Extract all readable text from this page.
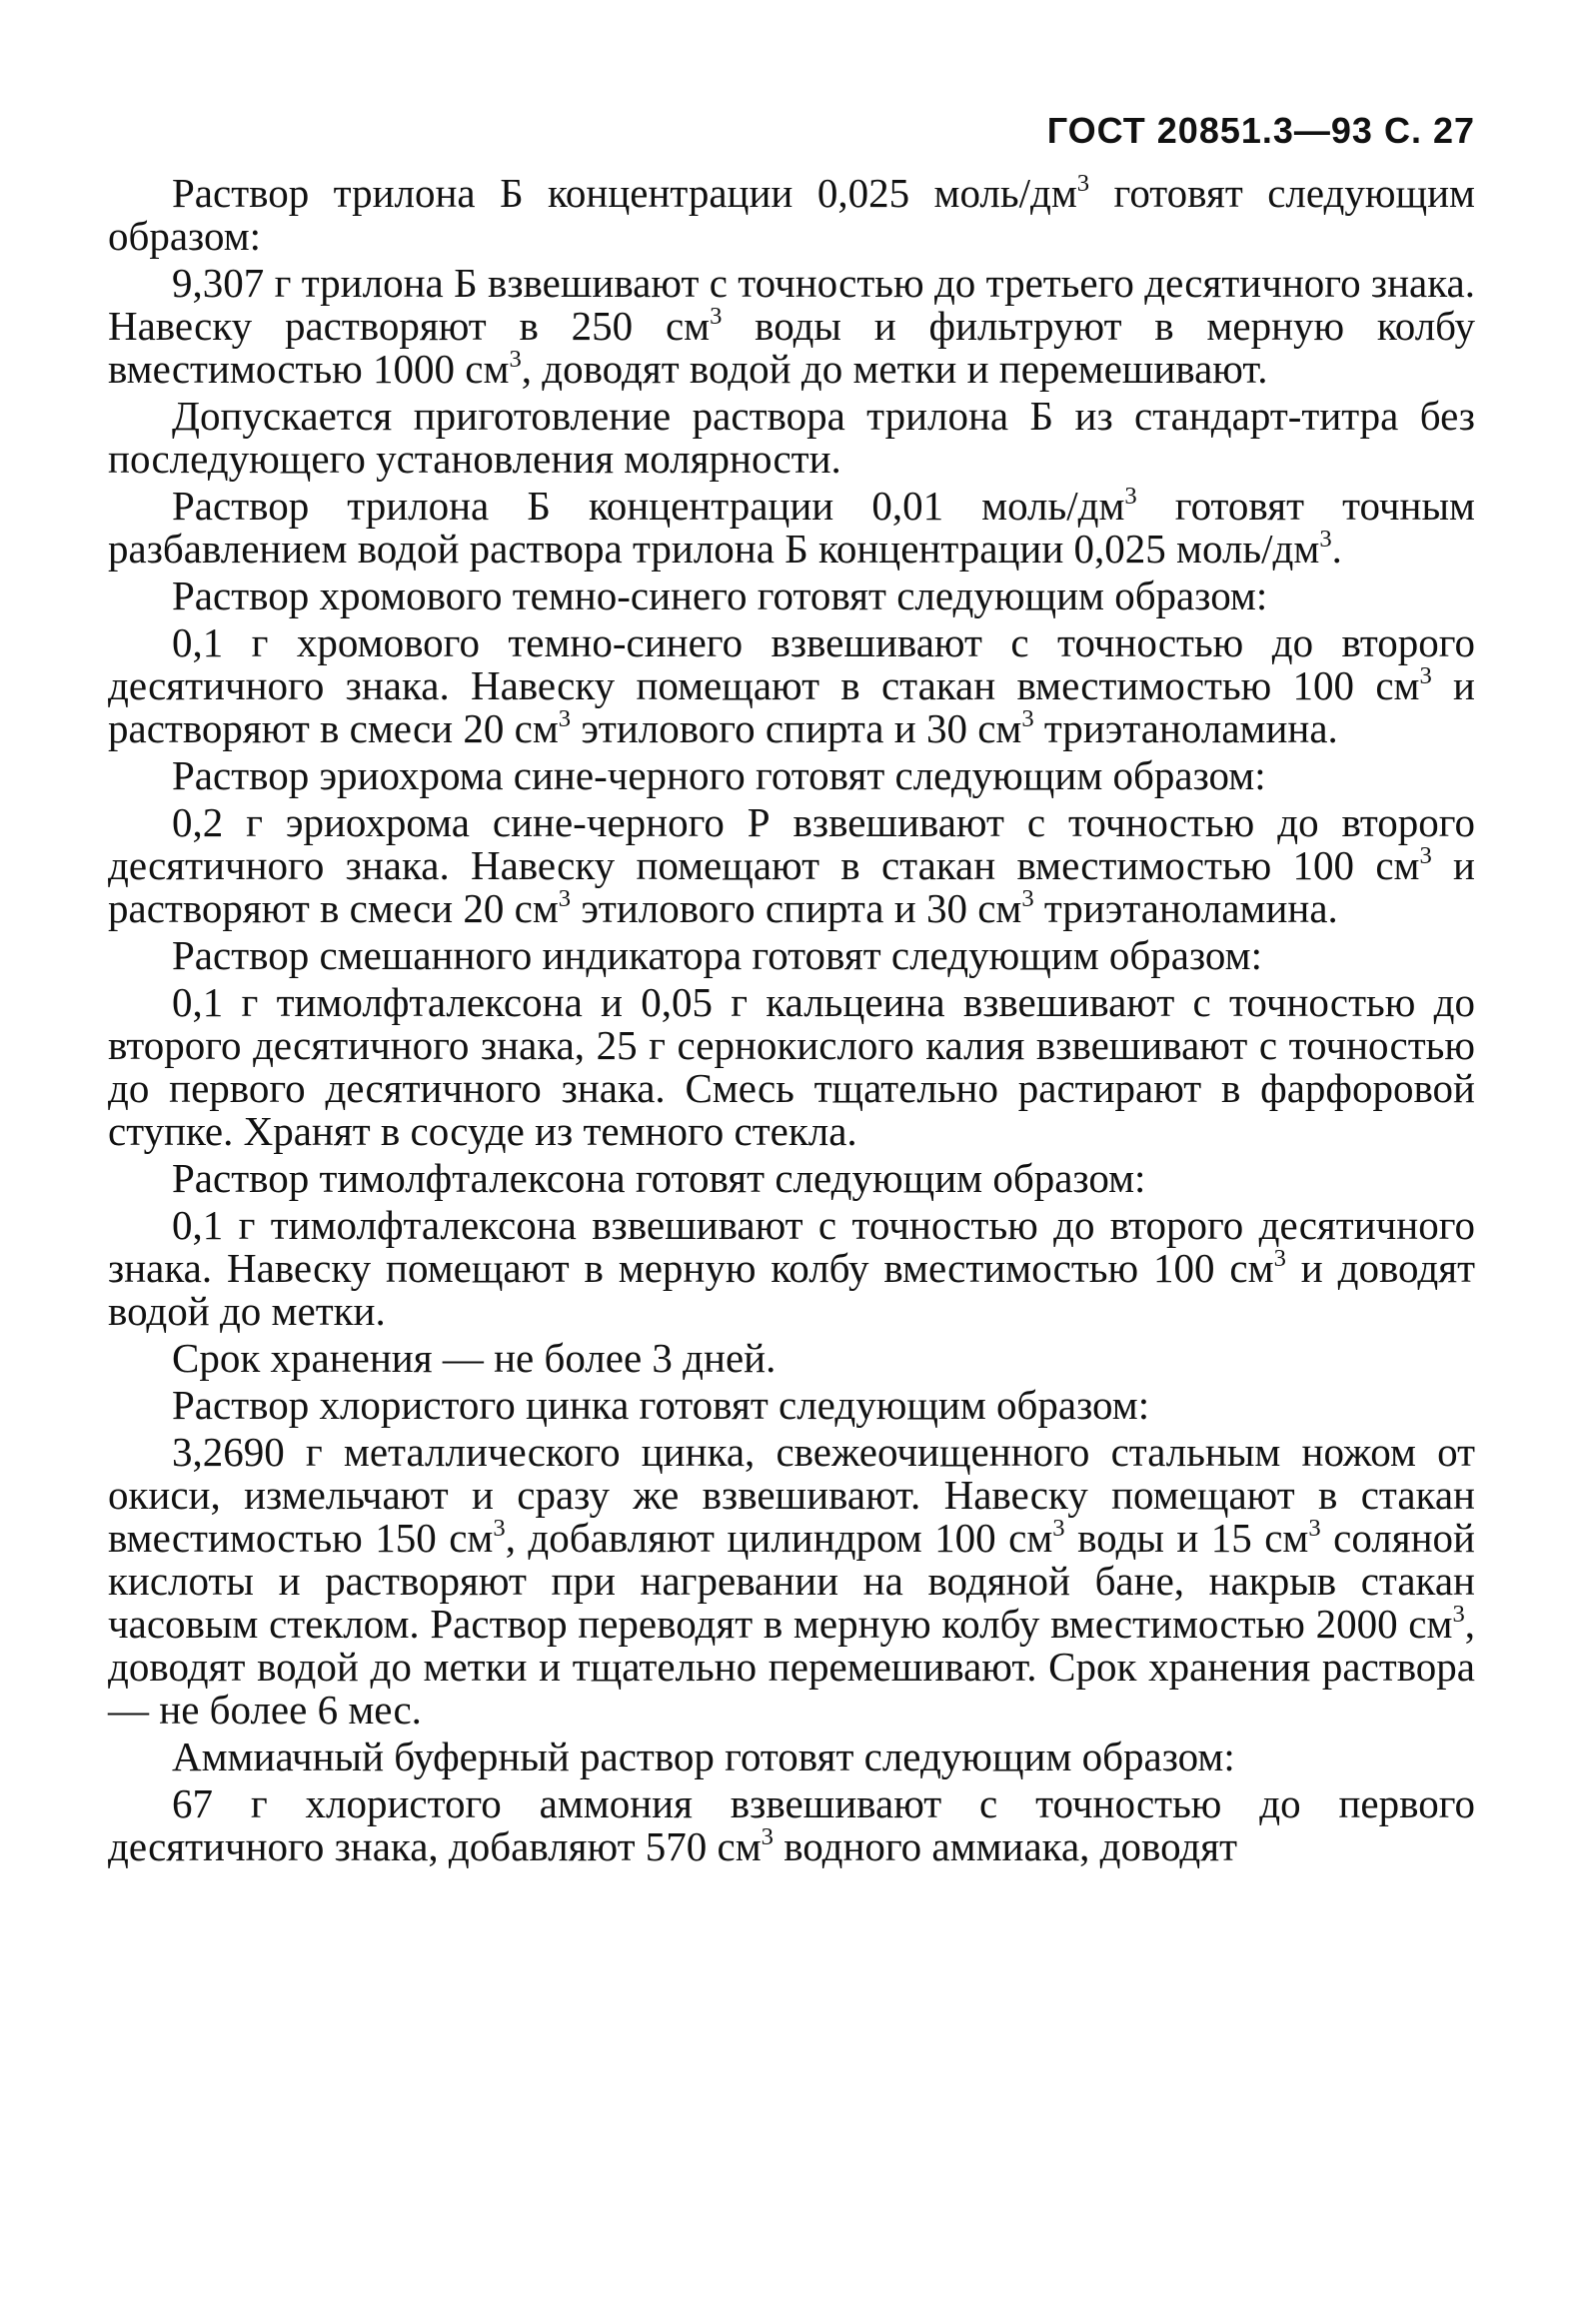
ГОСТ 20851.3—93 С. 27

Раствор трилона Б концентрации 0,025 моль/$дм^3$ готовят следующим образом:

9,307 г трилона Б взвешивают с точностью до третьего десятичного знака. Навеску растворяют в 250 $см^3$ воды и фильтруют в мерную колбу вместимостью 1000 $см^3$, доводят водой до метки и перемешивают.

Допускается приготовление раствора трилона Б из стандарт-титра без последующего установления молярности.

Раствор трилона Б концентрации 0,01 моль/$дм^3$ готовят точным разбавлением водой раствора трилона Б концентрации 0,025 моль/$дм^3$.

Раствор хромового темно-синего готовят следующим образом:

0,1 г хромового темно-синего взвешивают с точностью до второго десятичного знака. Навеску помещают в стакан вместимостью 100 $см^3$ и растворяют в смеси 20 $см^3$ этилового спирта и 30 $см^3$ триэтаноламина.

Раствор эриохрома сине-черного готовят следующим образом:

0,2 г эриохрома сине-черного Р взвешивают с точностью до второго десятичного знака. Навеску помещают в стакан вместимостью 100 $см^3$ и растворяют в смеси 20 $см^3$ этилового спирта и 30 $см^3$ триэтаноламина.

Раствор смешанного индикатора готовят следующим образом:

0,1 г тимолфталексона и 0,05 г кальцеина взвешивают с точностью до второго десятичного знака, 25 г сернокислого калия взвешивают с точностью до первого десятичного знака. Смесь тщательно растирают в фарфоровой ступке. Хранят в сосуде из темного стекла.

Раствор тимолфталексона готовят следующим образом:

0,1 г тимолфталексона взвешивают с точностью до второго десятичного знака. Навеску помещают в мерную колбу вместимостью 100 $см^3$ и доводят водой до метки.

Срок хранения — не более 3 дней.

Раствор хлористого цинка готовят следующим образом:

3,2690 г металлического цинка, свежеочищенного стальным ножом от окиси, измельчают и сразу же взвешивают. Навеску помещают в стакан вместимостью 150 $см^3$, добавляют цилиндром 100 $см^3$ воды и 15 $см^3$ соляной кислоты и растворяют при нагревании на водяной бане, накрыв стакан часовым стеклом. Раствор переводят в мерную колбу вместимостью 2000 $см^3$, доводят водой до метки и тщательно перемешивают. Срок хранения раствора — не более 6 мес.

Аммиачный буферный раствор готовят следующим образом:

67 г хлористого аммония взвешивают с точностью до первого десятичного знака, добавляют 570 $см^3$ водного аммиака, доводят
